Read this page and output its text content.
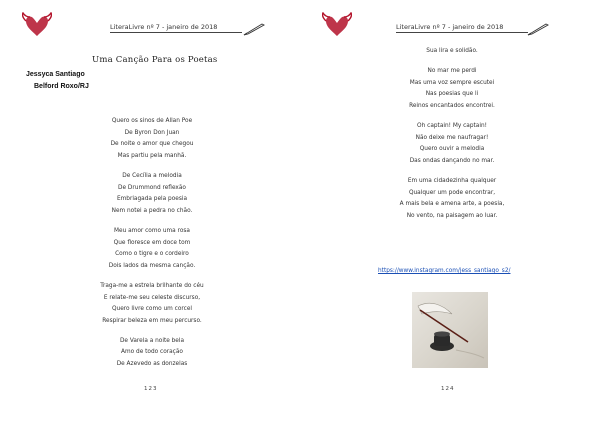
LiteraLivre nº 7 - janeiro de 2018
Uma Canção Para os Poetas
Jessyca Santiago
Belford Roxo/RJ
Quero os sinos de Allan Poe
De Byron Don Juan
De noite o amor que chegou
Mas partiu pela manhã.
De Cecília a melodia
De Drummond reflexão
Embriagada pela poesia
Nem notei a pedra no chão.
Meu amor como uma rosa
Que floresce em doce tom
Como o tigre e o cordeiro
Dois lados da mesma canção.
Traga-me a estrela brilhante do céu
E relate-me seu celeste discurso,
Quero livre como um corcel
Respirar beleza em meu percurso.
De Varela a noite bela
Amo de todo coração
De Azevedo as donzelas
123
LiteraLivre nº 7 - janeiro de 2018
Sua lira e solidão.
No mar me perdi
Mas uma voz sempre escutei
Nas poesias que li
Reinos encantados encontrei.
Oh captain! My captain!
Não deixe me naufragar!
Quero ouvir a melodia
Das ondas dançando no mar.
Em uma cidadezinha qualquer
Qualquer um pode encontrar,
A mais bela e amena arte, a poesia,
No vento, na paisagem ao luar.
https://www.instagram.com/jess_santiago_s2/
124
